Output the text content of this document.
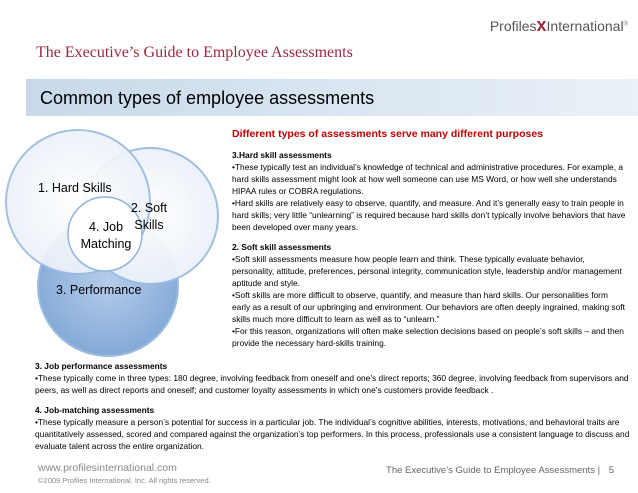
ProfilesxInternational®
The Executive’s Guide to Employee Assessments
Common types of employee assessments
1. Hard Skills
2. Soft
Skills
4. Job
Matching
3. Performance

Different types of assessments serve many different purposes

3.Hard skill assessments

•These typically test an individual’s knowledge of technical and administrative procedures. For example, a hard skills assessment might look at how well someone can use MS Word, or how well she understands HIPAA rules or COBRA regulations.

•Hard skills are relatively easy to observe, quantify, and measure. And it’s generally easy to train people in hard skills; very little “unlearning” is required because hard skills don’t typically involve behaviors that have been developed over many years.

2. Soft skill assessments

•Soft skill assessments measure how people learn and think. These typically evaluate behavior, personality, attitude, preferences, personal integrity, communication style, leadership and/or management aptitude and style.

•Soft skills are more difficult to observe, quantify, and measure than hard skills. Our personalities form early as a result of our upbringing and environment. Our behaviors are often deeply ingrained, making soft skills much more difficult to learn as well as to “unlearn.”

•For this reason, organizations will often make selection decisions based on people’s soft skills – and then provide the necessary hard-skills training.

3. Job performance assessments

•These typically come in three types: 180 degree, involving feedback from oneself and one’s direct reports; 360 degree, involving feedback from supervisors and peers, as well as direct reports and oneself; and customer loyalty assessments in which one’s customers provide feedback .

4. Job-matching assessments

•These typically measure a person’s potential for success in a particular job. The individual’s cognitive abilities, interests, motivations, and behavioral traits are quantitatively assessed, scored and compared against the organization’s top performers. In this process, professionals use a consistent language to discuss and evaluate talent across the entire organization.

www.profilesinternational.com
©2009 Profiles International, Inc. All rights reserved.
The Executive’s Guide to Employee Assessments | 5
